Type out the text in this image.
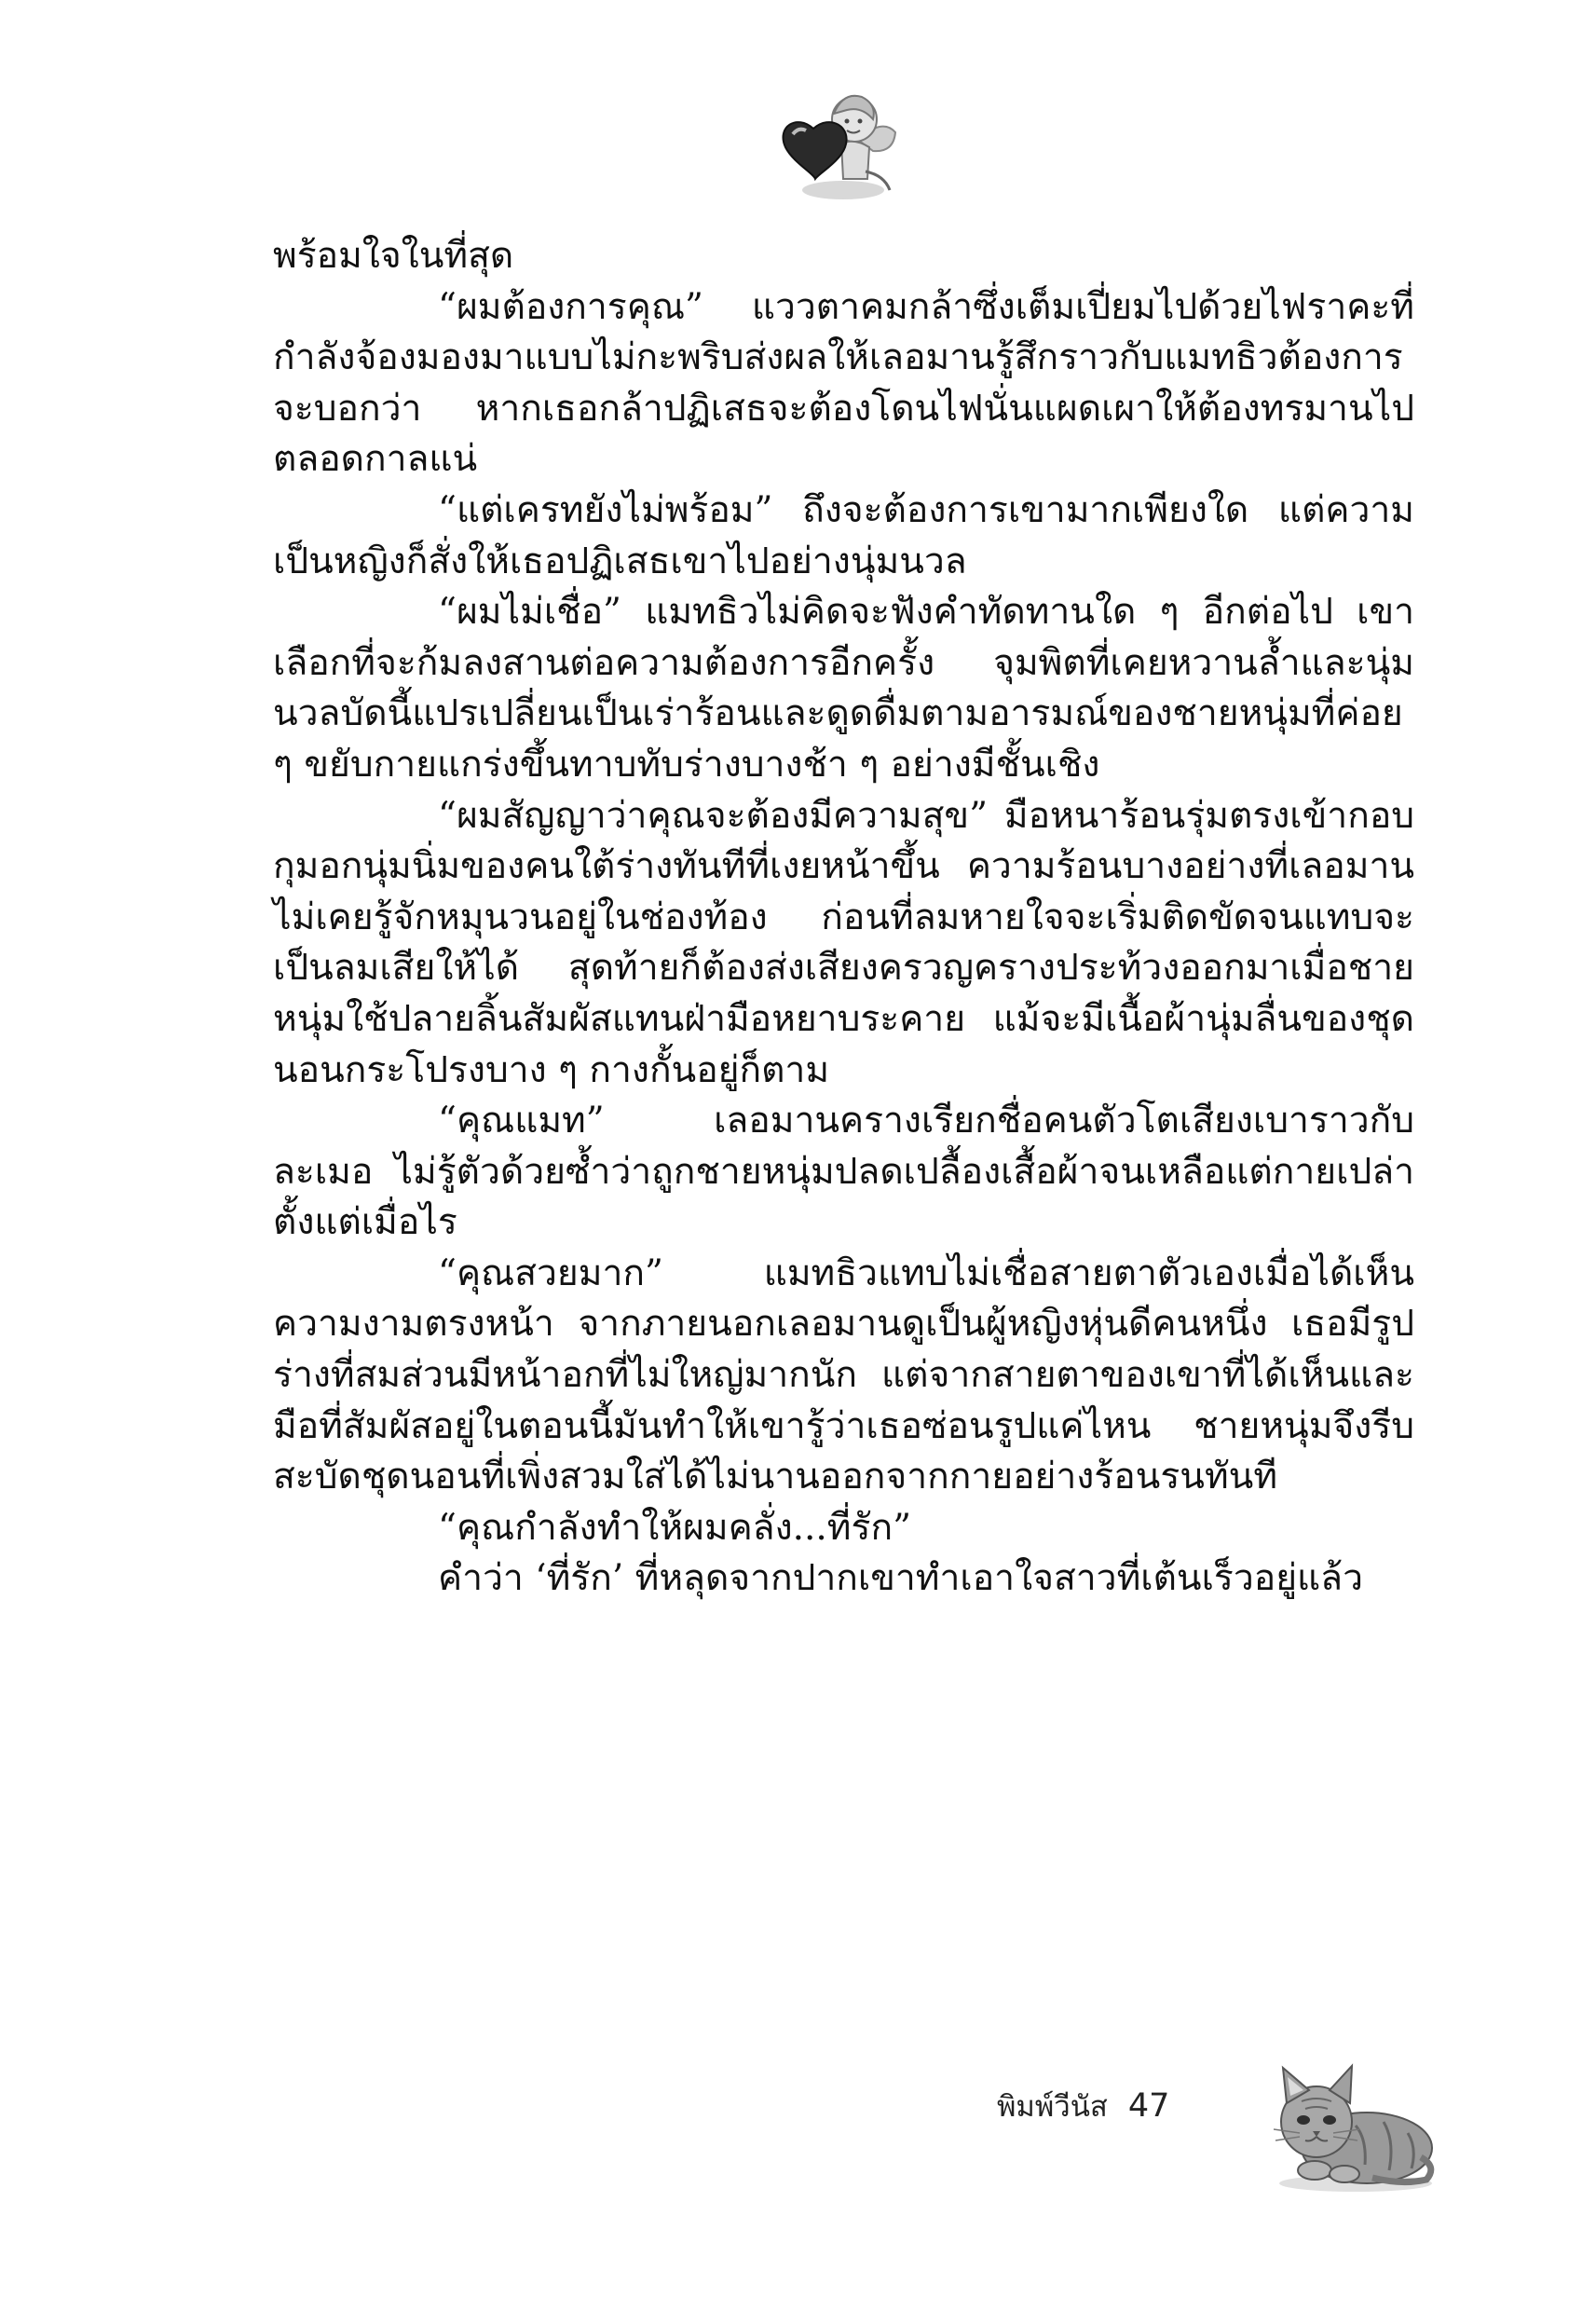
พร้อมใจในที่สุด

“ผมต้องการคุณ” แววตาคมกล้าซึ่งเต็มเปี่ยมไปด้วยไฟราคะที่กำลังจ้องมองมาแบบไม่กะพริบส่งผลให้เลอมานรู้สึกราวกับแมทธิวต้องการจะบอกว่า หากเธอกล้าปฏิเสธจะต้องโดนไฟนั่นแผดเผาให้ต้องทรมานไปตลอดกาลแน่

“แต่เครทยังไม่พร้อม” ถึงจะต้องการเขามากเพียงใด แต่ความเป็นหญิงก็สั่งให้เธอปฏิเสธเขาไปอย่างนุ่มนวล

“ผมไม่เชื่อ” แมทธิวไม่คิดจะฟังคำทัดทานใด ๆ อีกต่อไป เขาเลือกที่จะก้มลงสานต่อความต้องการอีกครั้ง จุมพิตที่เคยหวานล้ำและนุ่มนวลบัดนี้แปรเปลี่ยนเป็นเร่าร้อนและดูดดื่มตามอารมณ์ของชายหนุ่มที่ค่อย ๆ ขยับกายแกร่งขึ้นทาบทับร่างบางช้า ๆ อย่างมีชั้นเชิง

“ผมสัญญาว่าคุณจะต้องมีความสุข” มือหนาร้อนรุ่มตรงเข้ากอบกุมอกนุ่มนิ่มของคนใต้ร่างทันทีที่เงยหน้าขึ้น ความร้อนบางอย่างที่เลอมานไม่เคยรู้จักหมุนวนอยู่ในช่องท้อง ก่อนที่ลมหายใจจะเริ่มติดขัดจนแทบจะเป็นลมเสียให้ได้ สุดท้ายก็ต้องส่งเสียงครวญครางประท้วงออกมาเมื่อชายหนุ่มใช้ปลายลิ้นสัมผัสแทนฝ่ามือหยาบระคาย แม้จะมีเนื้อผ้านุ่มลื่นของชุดนอนกระโปรงบาง ๆ กางกั้นอยู่ก็ตาม

“คุณแมท” เลอมานครางเรียกชื่อคนตัวโตเสียงเบาราวกับละเมอ ไม่รู้ตัวด้วยซ้ำว่าถูกชายหนุ่มปลดเปลื้องเสื้อผ้าจนเหลือแต่กายเปล่าตั้งแต่เมื่อไร

“คุณสวยมาก” แมทธิวแทบไม่เชื่อสายตาตัวเองเมื่อได้เห็นความงามตรงหน้า จากภายนอกเลอมานดูเป็นผู้หญิงหุ่นดีคนหนึ่ง เธอมีรูปร่างที่สมส่วนมีหน้าอกที่ไม่ใหญ่มากนัก แต่จากสายตาของเขาที่ได้เห็นและมือที่สัมผัสอยู่ในตอนนี้มันทำให้เขารู้ว่าเธอซ่อนรูปแค่ไหน ชายหนุ่มจึงรีบสะบัดชุดนอนที่เพิ่งสวมใส่ได้ไม่นานออกจากกายอย่างร้อนรนทันที

“คุณกำลังทำให้ผมคลั่ง...ที่รัก”

คำว่า ‘ที่รัก’ ที่หลุดจากปากเขาทำเอาใจสาวที่เต้นเร็วอยู่แล้ว

พิมพ์วีนัส 47
